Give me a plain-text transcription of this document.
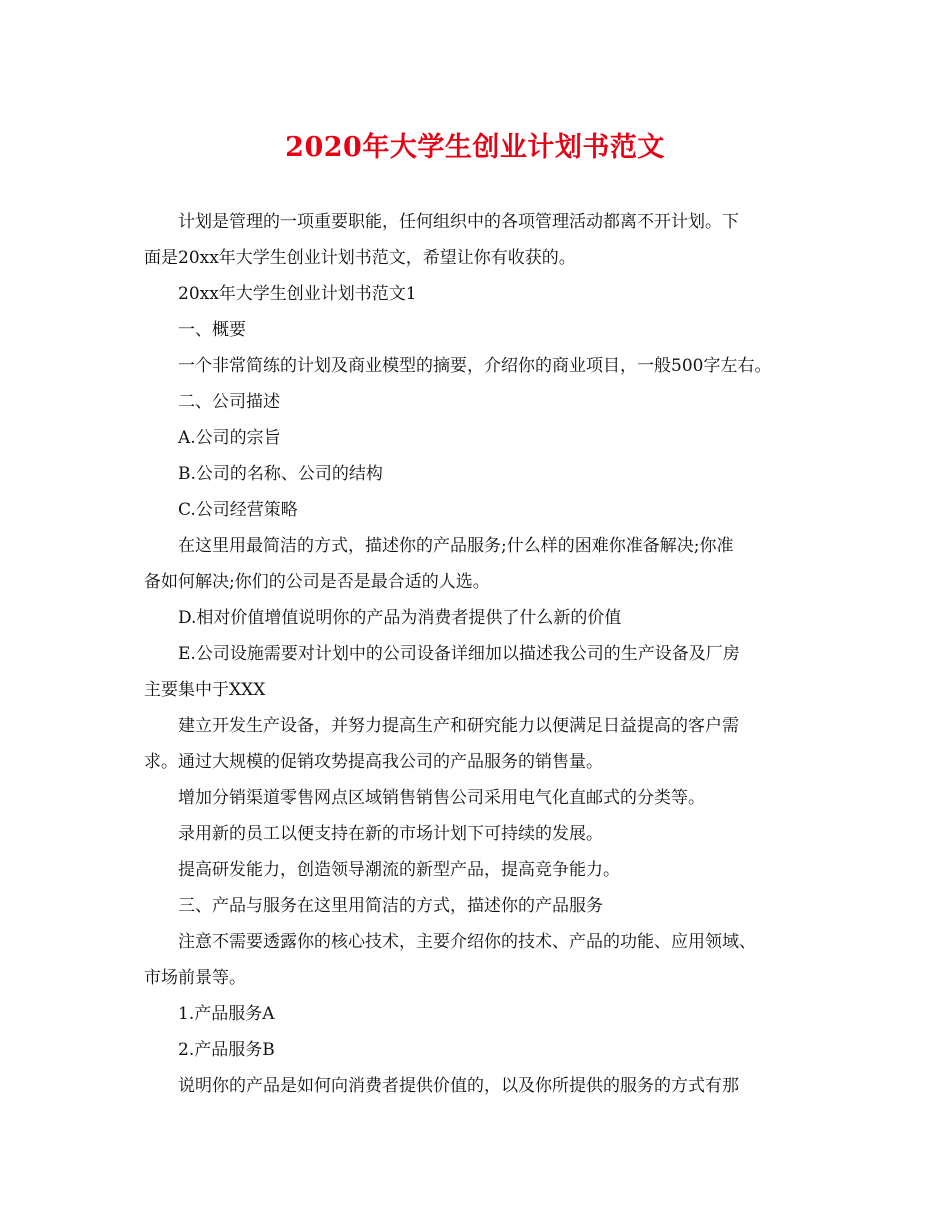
2020年大学生创业计划书范文
计划是管理的一项重要职能，任何组织中的各项管理活动都离不开计划。下
面是20xx年大学生创业计划书范文，希望让你有收获的。
20xx年大学生创业计划书范文1
一、概要
一个非常简练的计划及商业模型的摘要，介绍你的商业项目，一般500字左右。
二、公司描述
A.公司的宗旨
B.公司的名称、公司的结构
C.公司经营策略
在这里用最简洁的方式，描述你的产品服务;什么样的困难你准备解决;你准
备如何解决;你们的公司是否是最合适的人选。
D.相对价值增值说明你的产品为消费者提供了什么新的价值
E.公司设施需要对计划中的公司设备详细加以描述我公司的生产设备及厂房
主要集中于XXX
建立开发生产设备，并努力提高生产和研究能力以便满足日益提高的客户需
求。通过大规模的促销攻势提高我公司的产品服务的销售量。
增加分销渠道零售网点区域销售销售公司采用电气化直邮式的分类等。
录用新的员工以便支持在新的市场计划下可持续的发展。
提高研发能力，创造领导潮流的新型产品，提高竞争能力。
三、产品与服务在这里用简洁的方式，描述你的产品服务
注意不需要透露你的核心技术，主要介绍你的技术、产品的功能、应用领域、
市场前景等。
1.产品服务A
2.产品服务B
说明你的产品是如何向消费者提供价值的，以及你所提供的服务的方式有那
